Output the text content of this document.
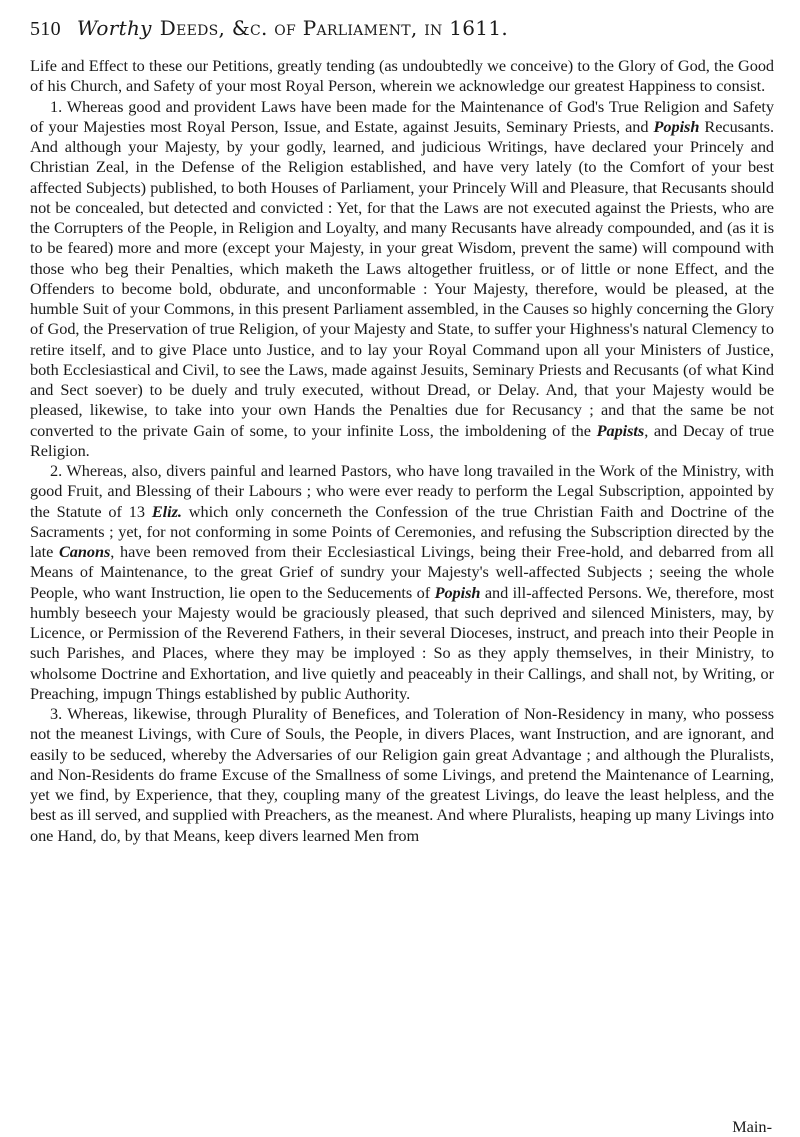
510 Worthy Deeds, &c. of Parliament, in 1611.

Life and Effect to these our Petitions, greatly tending (as undoubtedly we conceive) to the Glory of God, the Good of his Church, and Safety of your most Royal Person, wherein we acknowledge our greatest Happiness to consist.

1. Whereas good and provident Laws have been made for the Maintenance of God's True Religion and Safety of your Majesties most Royal Person, Issue, and Estate, against Jesuits, Seminary Priests, and Popish Recusants. And although your Majesty, by your godly, learned, and judicious Writings, have declared your Princely and Christian Zeal, in the Defense of the Religion established, and have very lately (to the Comfort of your best affected Subjects) published, to both Houses of Parliament, your Princely Will and Pleasure, that Recusants should not be concealed, but detected and convicted : Yet, for that the Laws are not executed against the Priests, who are the Corrupters of the People, in Religion and Loyalty, and many Recusants have already compounded, and (as it is to be feared) more and more (except your Majesty, in your great Wisdom, prevent the same) will compound with those who beg their Penalties, which maketh the Laws altogether fruitless, or of little or none Effect, and the Offenders to become bold, obdurate, and unconformable : Your Majesty, therefore, would be pleased, at the humble Suit of your Commons, in this present Parliament assembled, in the Causes so highly concerning the Glory of God, the Preservation of true Religion, of your Majesty and State, to suffer your Highness's natural Clemency to retire itself, and to give Place unto Justice, and to lay your Royal Command upon all your Ministers of Justice, both Ecclesiastical and Civil, to see the Laws, made against Jesuits, Seminary Priests and Recusants (of what Kind and Sect soever) to be duely and truly executed, without Dread, or Delay. And, that your Majesty would be pleased, likewise, to take into your own Hands the Penalties due for Recusancy ; and that the same be not converted to the private Gain of some, to your infinite Loss, the imboldening of the Papists, and Decay of true Religion.

2. Whereas, also, divers painful and learned Pastors, who have long travailed in the Work of the Ministry, with good Fruit, and Blessing of their Labours ; who were ever ready to perform the Legal Subscription, appointed by the Statute of 13 Eliz. which only concerneth the Confession of the true Christian Faith and Doctrine of the Sacraments ; yet, for not conforming in some Points of Ceremonies, and refusing the Subscription directed by the late Canons, have been removed from their Ecclesiastical Livings, being their Free-hold, and debarred from all Means of Maintenance, to the great Grief of sundry your Majesty's well-affected Subjects ; seeing the whole People, who want Instruction, lie open to the Seducements of Popish and ill-affected Persons. We, therefore, most humbly beseech your Majesty would be graciously pleased, that such deprived and silenced Ministers, may, by Licence, or Permission of the Reverend Fathers, in their several Dioceses, instruct, and preach into their People in such Parishes, and Places, where they may be imployed : So as they apply themselves, in their Ministry, to wholsome Doctrine and Exhortation, and live quietly and peaceably in their Callings, and shall not, by Writing, or Preaching, impugn Things established by public Authority.

3. Whereas, likewise, through Plurality of Benefices, and Toleration of Non-Residency in many, who possess not the meanest Livings, with Cure of Souls, the People, in divers Places, want Instruction, and are ignorant, and easily to be seduced, whereby the Adversaries of our Religion gain great Advantage ; and although the Pluralists, and Non-Residents do frame Excuse of the Smallness of some Livings, and pretend the Maintenance of Learning, yet we find, by Experience, that they, coupling many of the greatest Livings, do leave the least helpless, and the best as ill served, and supplied with Preachers, as the meanest. And where Pluralists, heaping up many Livings into one Hand, do, by that Means, keep divers learned Men from

Main-
